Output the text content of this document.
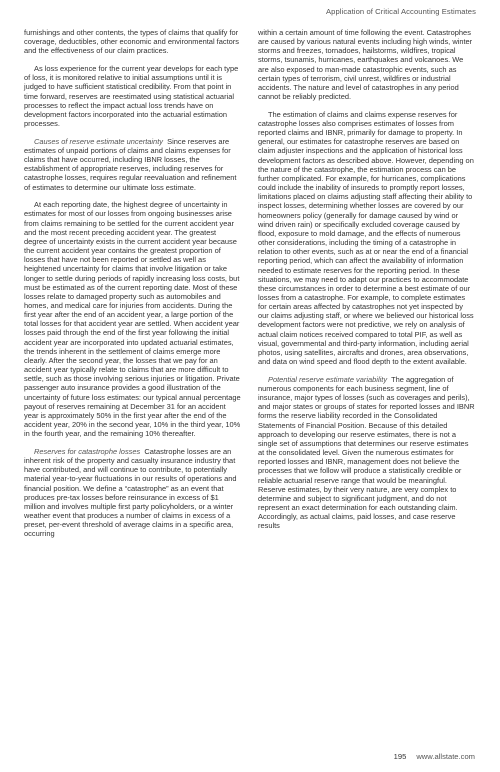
Application of Critical Accounting Estimates

furnishings and other contents, the types of claims that qualify for coverage, deductibles, other economic and environmental factors and the effectiveness of our claim practices.

As loss experience for the current year develops for each type of loss, it is monitored relative to initial assumptions until it is judged to have sufficient statistical credibility. From that point in time forward, reserves are reestimated using statistical actuarial processes to reflect the impact actual loss trends have on development factors incorporated into the actuarial estimation processes.

Causes of reserve estimate uncertainty Since reserves are estimates of unpaid portions of claims and claims expenses for claims that have occurred, including IBNR losses, the establishment of appropriate reserves, including reserves for catastrophe losses, requires regular reevaluation and refinement of estimates to determine our ultimate loss estimate.

At each reporting date, the highest degree of uncertainty in estimates for most of our losses from ongoing businesses arise from claims remaining to be settled for the current accident year and the most recent preceding accident year. The greatest degree of uncertainty exists in the current accident year because the current accident year contains the greatest proportion of losses that have not been reported or settled as well as heightened uncertainty for claims that involve litigation or take longer to settle during periods of rapidly increasing loss costs, but must be estimated as of the current reporting date. Most of these losses relate to damaged property such as automobiles and homes, and medical care for injuries from accidents. During the first year after the end of an accident year, a large portion of the total losses for that accident year are settled. When accident year losses paid through the end of the first year following the initial accident year are incorporated into updated actuarial estimates, the trends inherent in the settlement of claims emerge more clearly. After the second year, the losses that we pay for an accident year typically relate to claims that are more difficult to settle, such as those involving serious injuries or litigation. Private passenger auto insurance provides a good illustration of the uncertainty of future loss estimates: our typical annual percentage payout of reserves remaining at December 31 for an accident year is approximately 50% in the first year after the end of the accident year, 20% in the second year, 10% in the third year, 10% in the fourth year, and the remaining 10% thereafter.

Reserves for catastrophe losses Catastrophe losses are an inherent risk of the property and casualty insurance industry that have contributed, and will continue to contribute, to potentially material year-to-year fluctuations in our results of operations and financial position. We define a “catastrophe” as an event that produces pre-tax losses before reinsurance in excess of $1 million and involves multiple first party policyholders, or a winter weather event that produces a number of claims in excess of a preset, per-event threshold of average claims in a specific area, occurring

within a certain amount of time following the event. Catastrophes are caused by various natural events including high winds, winter storms and freezes, tornadoes, hailstorms, wildfires, tropical storms, tsunamis, hurricanes, earthquakes and volcanoes. We are also exposed to man-made catastrophic events, such as certain types of terrorism, civil unrest, wildfires or industrial accidents. The nature and level of catastrophes in any period cannot be reliably predicted.

The estimation of claims and claims expense reserves for catastrophe losses also comprises estimates of losses from reported claims and IBNR, primarily for damage to property. In general, our estimates for catastrophe reserves are based on claim adjuster inspections and the application of historical loss development factors as described above. However, depending on the nature of the catastrophe, the estimation process can be further complicated. For example, for hurricanes, complications could include the inability of insureds to promptly report losses, limitations placed on claims adjusting staff affecting their ability to inspect losses, determining whether losses are covered by our homeowners policy (generally for damage caused by wind or wind driven rain) or specifically excluded coverage caused by flood, exposure to mold damage, and the effects of numerous other considerations, including the timing of a catastrophe in relation to other events, such as at or near the end of a financial reporting period, which can affect the availability of information needed to estimate reserves for the reporting period. In these situations, we may need to adapt our practices to accommodate these circumstances in order to determine a best estimate of our losses from a catastrophe. For example, to complete estimates for certain areas affected by catastrophes not yet inspected by our claims adjusting staff, or where we believed our historical loss development factors were not predictive, we rely on analysis of actual claim notices received compared to total PIF, as well as visual, governmental and third-party information, including aerial photos, using satellites, aircrafts and drones, area observations, and data on wind speed and flood depth to the extent available.

Potential reserve estimate variability The aggregation of numerous components for each business segment, line of insurance, major types of losses (such as coverages and perils), and major states or groups of states for reported losses and IBNR forms the reserve liability recorded in the Consolidated Statements of Financial Position. Because of this detailed approach to developing our reserve estimates, there is not a single set of assumptions that determines our reserve estimates at the consolidated level. Given the numerous estimates for reported losses and IBNR, management does not believe the processes that we follow will produce a statistically credible or reliable actuarial reserve range that would be meaningful. Reserve estimates, by their very nature, are very complex to determine and subject to significant judgment, and do not represent an exact determination for each outstanding claim. Accordingly, as actual claims, paid losses, and case reserve results

195 www.allstate.com
